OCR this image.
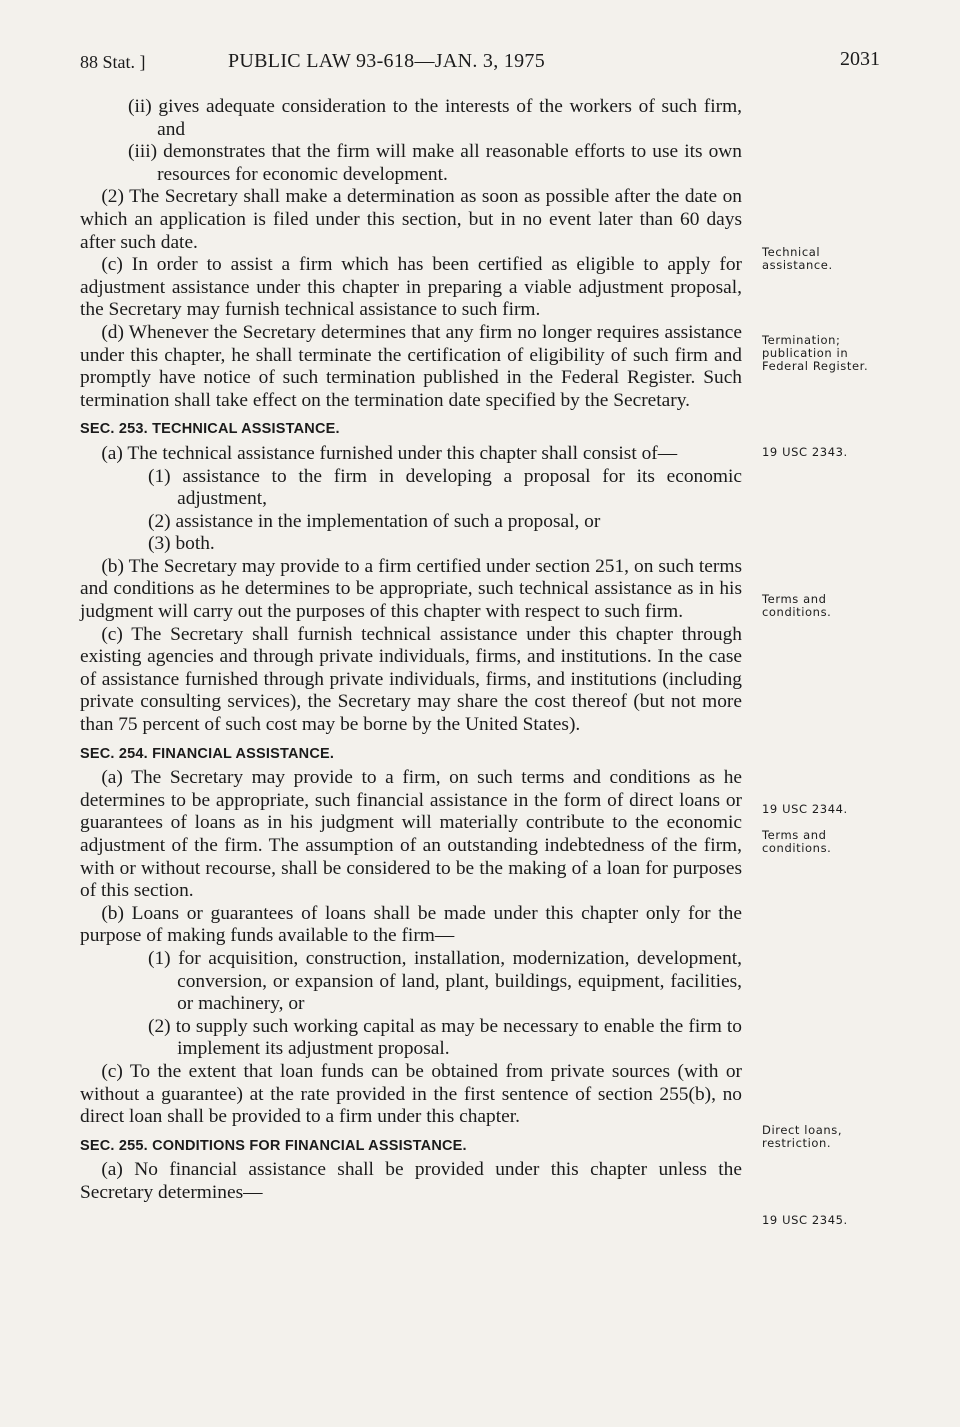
88 Stat. ]	PUBLIC LAW 93-618—JAN. 3, 1975	2031

(ii) gives adequate consideration to the interests of the workers of such firm, and

(iii) demonstrates that the firm will make all reasonable efforts to use its own resources for economic development.

(2) The Secretary shall make a determination as soon as possible after the date on which an application is filed under this section, but in no event later than 60 days after such date.

(c) In order to assist a firm which has been certified as eligible to apply for adjustment assistance under this chapter in preparing a viable adjustment proposal, the Secretary may furnish technical assistance to such firm.

(d) Whenever the Secretary determines that any firm no longer requires assistance under this chapter, he shall terminate the certification of eligibility of such firm and promptly have notice of such termination published in the Federal Register. Such termination shall take effect on the termination date specified by the Secretary.

SEC. 253. TECHNICAL ASSISTANCE.

(a) The technical assistance furnished under this chapter shall consist of—

(1) assistance to the firm in developing a proposal for its economic adjustment,

(2) assistance in the implementation of such a proposal, or

(3) both.

(b) The Secretary may provide to a firm certified under section 251, on such terms and conditions as he determines to be appropriate, such technical assistance as in his judgment will carry out the purposes of this chapter with respect to such firm.

(c) The Secretary shall furnish technical assistance under this chapter through existing agencies and through private individuals, firms, and institutions. In the case of assistance furnished through private individuals, firms, and institutions (including private consulting services), the Secretary may share the cost thereof (but not more than 75 percent of such cost may be borne by the United States).

SEC. 254. FINANCIAL ASSISTANCE.

(a) The Secretary may provide to a firm, on such terms and conditions as he determines to be appropriate, such financial assistance in the form of direct loans or guarantees of loans as in his judgment will materially contribute to the economic adjustment of the firm. The assumption of an outstanding indebtedness of the firm, with or without recourse, shall be considered to be the making of a loan for purposes of this section.

(b) Loans or guarantees of loans shall be made under this chapter only for the purpose of making funds available to the firm—

(1) for acquisition, construction, installation, modernization, development, conversion, or expansion of land, plant, buildings, equipment, facilities, or machinery, or

(2) to supply such working capital as may be necessary to enable the firm to implement its adjustment proposal.

(c) To the extent that loan funds can be obtained from private sources (with or without a guarantee) at the rate provided in the first sentence of section 255(b), no direct loan shall be provided to a firm under this chapter.

SEC. 255. CONDITIONS FOR FINANCIAL ASSISTANCE.

(a) No financial assistance shall be provided under this chapter unless the Secretary determines—

Technical assistance.
Termination; publication in Federal Register.
19 USC 2343.
Terms and conditions.
19 USC 2344.
Terms and conditions.
Direct loans, restriction.
19 USC 2345.
